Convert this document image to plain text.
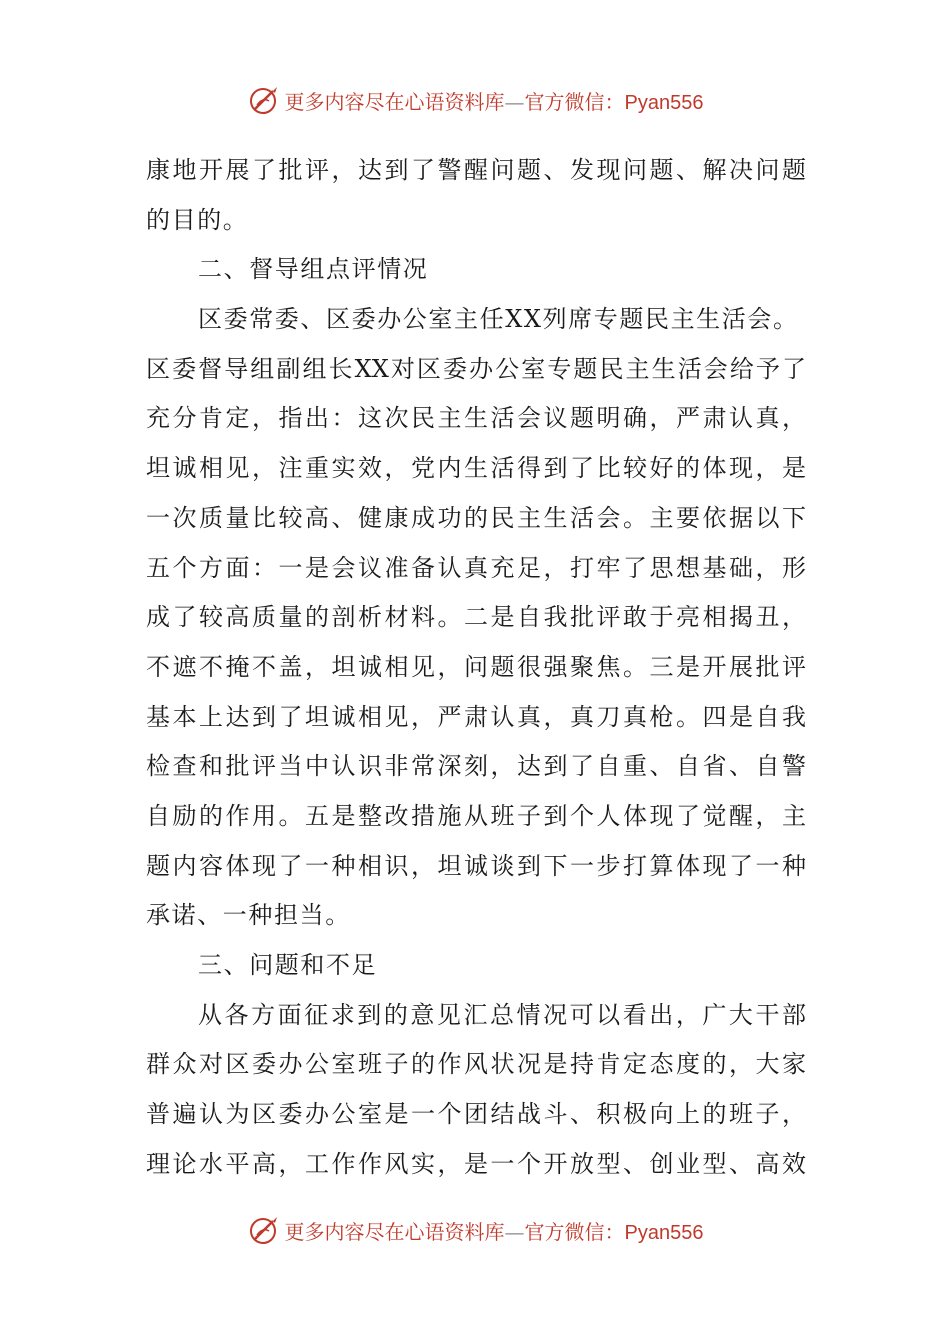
更多内容尽在心语资料库—官方微信：Pyan556
康地开展了批评，达到了警醒问题、发现问题、解决问题
的目的。
二、督导组点评情况
区委常委、区委办公室主任XX列席专题民主生活会。
区委督导组副组长XX对区委办公室专题民主生活会给予了
充分肯定，指出：这次民主生活会议题明确，严肃认真，
坦诚相见，注重实效，党内生活得到了比较好的体现，是
一次质量比较高、健康成功的民主生活会。主要依据以下
五个方面：一是会议准备认真充足，打牢了思想基础，形
成了较高质量的剖析材料。二是自我批评敢于亮相揭丑，
不遮不掩不盖，坦诚相见，问题很强聚焦。三是开展批评
基本上达到了坦诚相见，严肃认真，真刀真枪。四是自我
检查和批评当中认识非常深刻，达到了自重、自省、自警
自励的作用。五是整改措施从班子到个人体现了觉醒，主
题内容体现了一种相识，坦诚谈到下一步打算体现了一种
承诺、一种担当。
三、问题和不足
从各方面征求到的意见汇总情况可以看出，广大干部
群众对区委办公室班子的作风状况是持肯定态度的，大家
普遍认为区委办公室是一个团结战斗、积极向上的班子，
理论水平高，工作作风实，是一个开放型、创业型、高效
更多内容尽在心语资料库—官方微信：Pyan556
